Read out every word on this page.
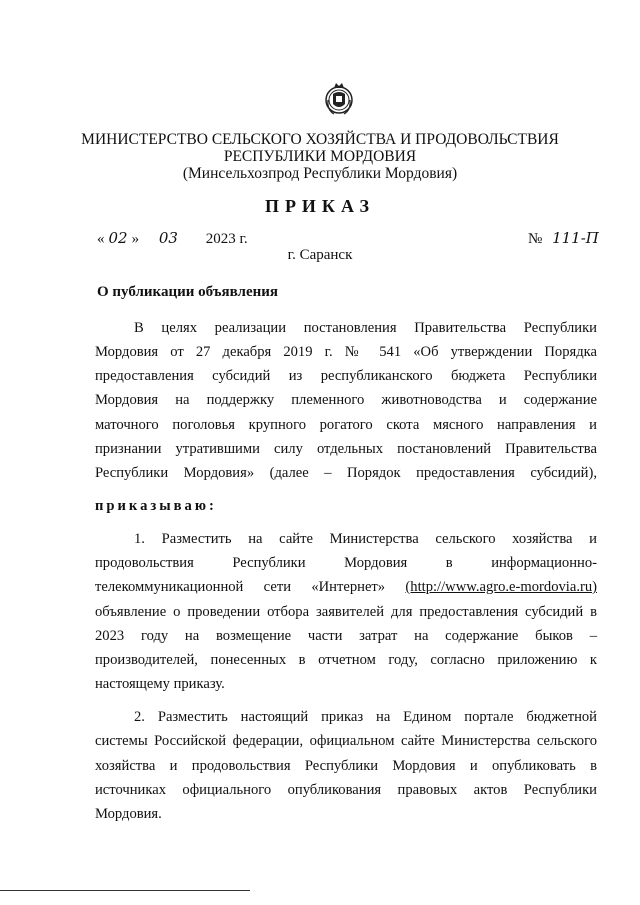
МИНИСТЕРСТВО СЕЛЬСКОГО ХОЗЯЙСТВА И ПРОДОВОЛЬСТВИЯ
РЕСПУБЛИКИ МОРДОВИЯ
(Минсельхозпрод Республики Мордовия)
ПРИКАЗ
« 02 » 03 2023 г.	№ 111-П
г. Саранск
О публикации объявления
В целях реализации постановления Правительства Республики
Мордовия от 27 декабря 2019 г. № 541 «Об утверждении Порядка
предоставления субсидий из республиканского бюджета Республики
Мордовия на поддержку племенного животноводства и содержание
маточного поголовья крупного рогатого скота мясного направления и
признании утратившими силу отдельных постановлений Правительства
Республики Мордовия» (далее – Порядок предоставления субсидий),
приказываю:
1. Разместить на сайте Министерства сельского хозяйства и
продовольствия Республики Мордовия в информационно-
телекоммуникационной сети «Интернет» (http://www.agro.e-mordovia.ru)
объявление о проведении отбора заявителей для предоставления субсидий в
2023 году на возмещение части затрат на содержание быков –
производителей, понесенных в отчетном году, согласно приложению к
настоящему приказу.
2. Разместить настоящий приказ на Едином портале бюджетной
системы Российской федерации, официальном сайте Министерства сельского
хозяйства и продовольствия Республики Мордовия и опубликовать в
источниках официального опубликования правовых актов Республики
Мордовия.
